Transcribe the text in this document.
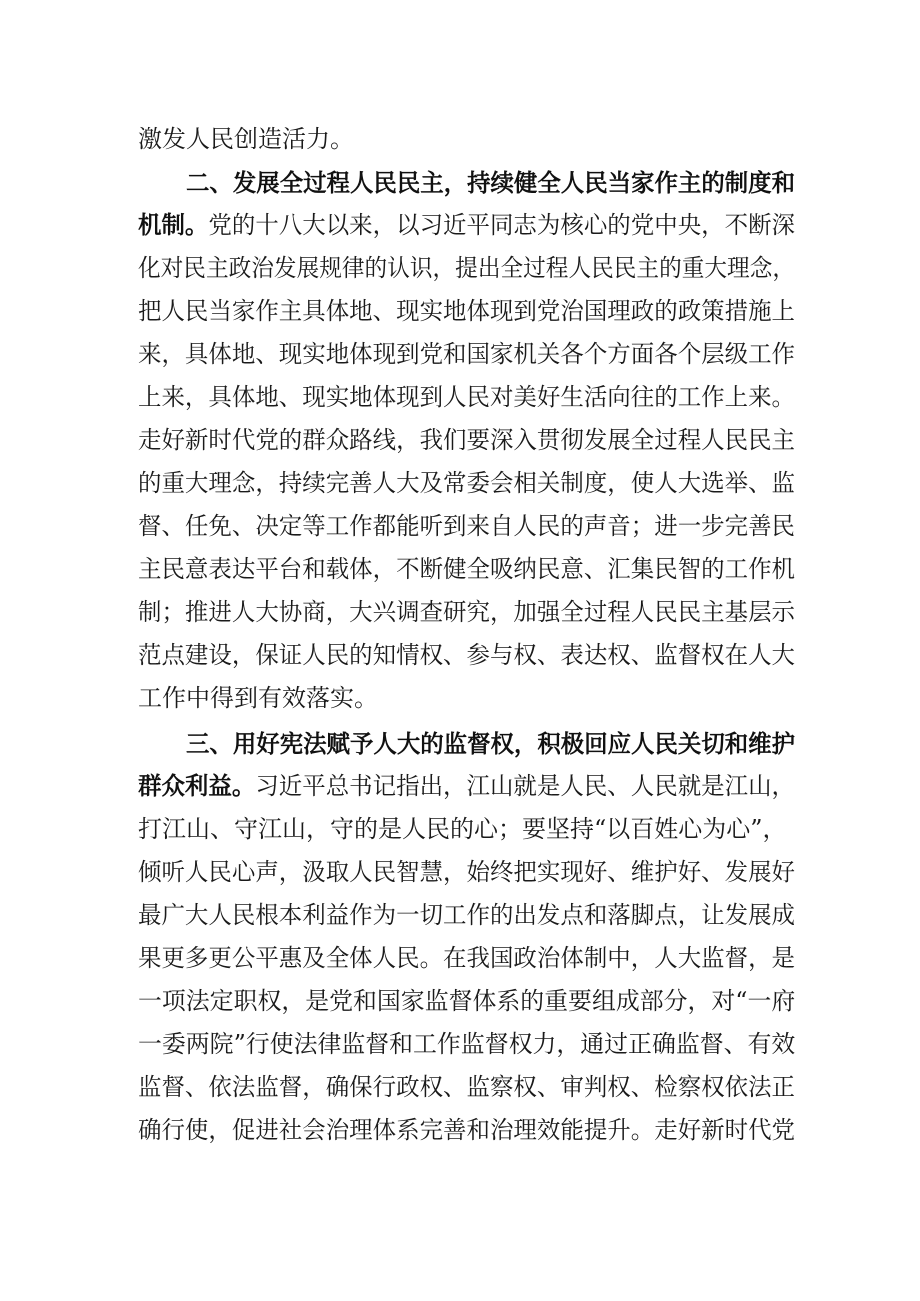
激发人民创造活力。
二、发展全过程人民民主，持续健全人民当家作主的制度和
机制。党的十八大以来，以习近平同志为核心的党中央，不断深
化对民主政治发展规律的认识，提出全过程人民民主的重大理念，
把人民当家作主具体地、现实地体现到党治国理政的政策措施上
来，具体地、现实地体现到党和国家机关各个方面各个层级工作
上来，具体地、现实地体现到人民对美好生活向往的工作上来。
走好新时代党的群众路线，我们要深入贯彻发展全过程人民民主
的重大理念，持续完善人大及常委会相关制度，使人大选举、监
督、任免、决定等工作都能听到来自人民的声音；进一步完善民
主民意表达平台和载体，不断健全吸纳民意、汇集民智的工作机
制；推进人大协商，大兴调查研究，加强全过程人民民主基层示
范点建设，保证人民的知情权、参与权、表达权、监督权在人大
工作中得到有效落实。
三、用好宪法赋予人大的监督权，积极回应人民关切和维护
群众利益。习近平总书记指出，江山就是人民、人民就是江山，
打江山、守江山，守的是人民的心；要坚持“以百姓心为心”，
倾听人民心声，汲取人民智慧，始终把实现好、维护好、发展好
最广大人民根本利益作为一切工作的出发点和落脚点，让发展成
果更多更公平惠及全体人民。在我国政治体制中，人大监督，是
一项法定职权，是党和国家监督体系的重要组成部分，对“一府
一委两院”行使法律监督和工作监督权力，通过正确监督、有效
监督、依法监督，确保行政权、监察权、审判权、检察权依法正
确行使，促进社会治理体系完善和治理效能提升。走好新时代党
